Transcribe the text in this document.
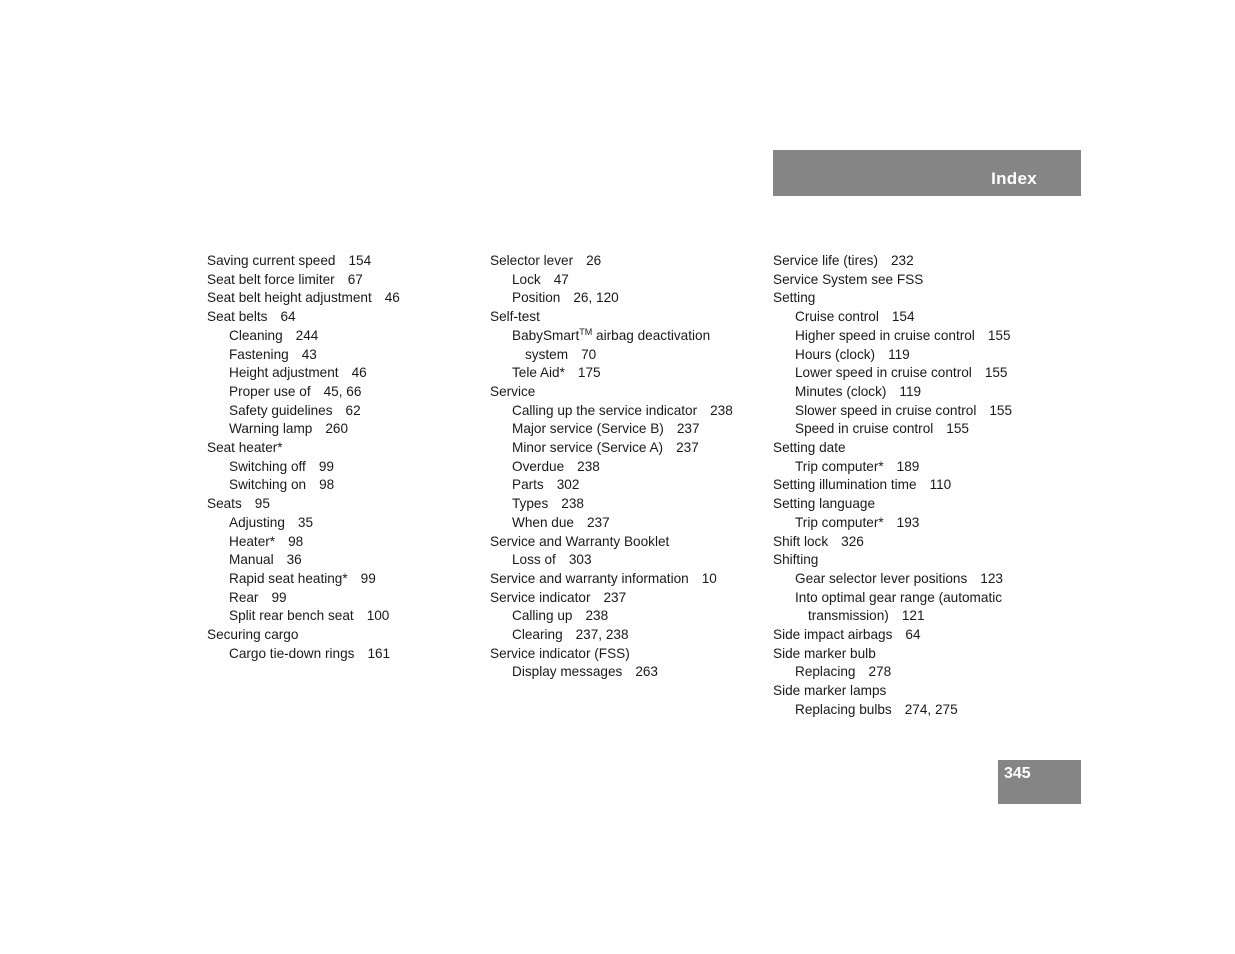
Index
Saving current speed 154
Seat belt force limiter 67
Seat belt height adjustment 46
Seat belts 64
Cleaning 244
Fastening 43
Height adjustment 46
Proper use of 45, 66
Safety guidelines 62
Warning lamp 260
Seat heater*
Switching off 99
Switching on 98
Seats 95
Adjusting 35
Heater* 98
Manual 36
Rapid seat heating* 99
Rear 99
Split rear bench seat 100
Securing cargo
Cargo tie-down rings 161
Selector lever 26
Lock 47
Position 26, 120
Self-test
BabySmart™ airbag deactivation
system 70
Tele Aid* 175
Service
Calling up the service indicator 238
Major service (Service B) 237
Minor service (Service A) 237
Overdue 238
Parts 302
Types 238
When due 237
Service and Warranty Booklet
Loss of 303
Service and warranty information 10
Service indicator 237
Calling up 238
Clearing 237, 238
Service indicator (FSS)
Display messages 263
Service life (tires) 232
Service System see FSS
Setting
Cruise control 154
Higher speed in cruise control 155
Hours (clock) 119
Lower speed in cruise control 155
Minutes (clock) 119
Slower speed in cruise control 155
Speed in cruise control 155
Setting date
Trip computer* 189
Setting illumination time 110
Setting language
Trip computer* 193
Shift lock 326
Shifting
Gear selector lever positions 123
Into optimal gear range (automatic
transmission) 121
Side impact airbags 64
Side marker bulb
Replacing 278
Side marker lamps
Replacing bulbs 274, 275
345
